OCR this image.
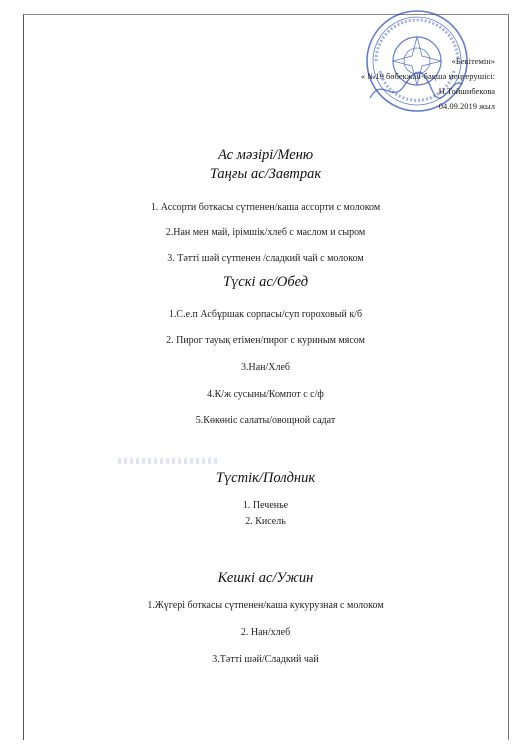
«Бекітемін»
« №19 бөбекжай-бақша меңгерушісі:
Н.Тойшибекова
04.09.2019 жыл
Ас мәзірі/Меню
Таңғы ас/Завтрак
1. Ассорти боткасы сүтпенен/каша ассорти с молоком
2.Нан мен май, ірімшік/хлеб с маслом и сыром
3. Тәтті шәй сүтпенен /сладкий чай с молоком
Түскі ас/Обед
1.С.е.п Асбұршак сорпасы/суп гороховый к/б
2. Пирог тауық етімен/пирог с куриным мясом
3.Нан/Хлеб
4.К/ж сусыны/Компот с с/ф
5.Көкөніс салаты/овощной садат
Түстік/Полдник
1. Печенье
2. Кисель
Кешкі ас/Ужин
1.Жүгері боткасы сүтпенен/каша кукурузная с молоком
2. Нан/хлеб
3.Тәтті шәй/Сладкий чай
